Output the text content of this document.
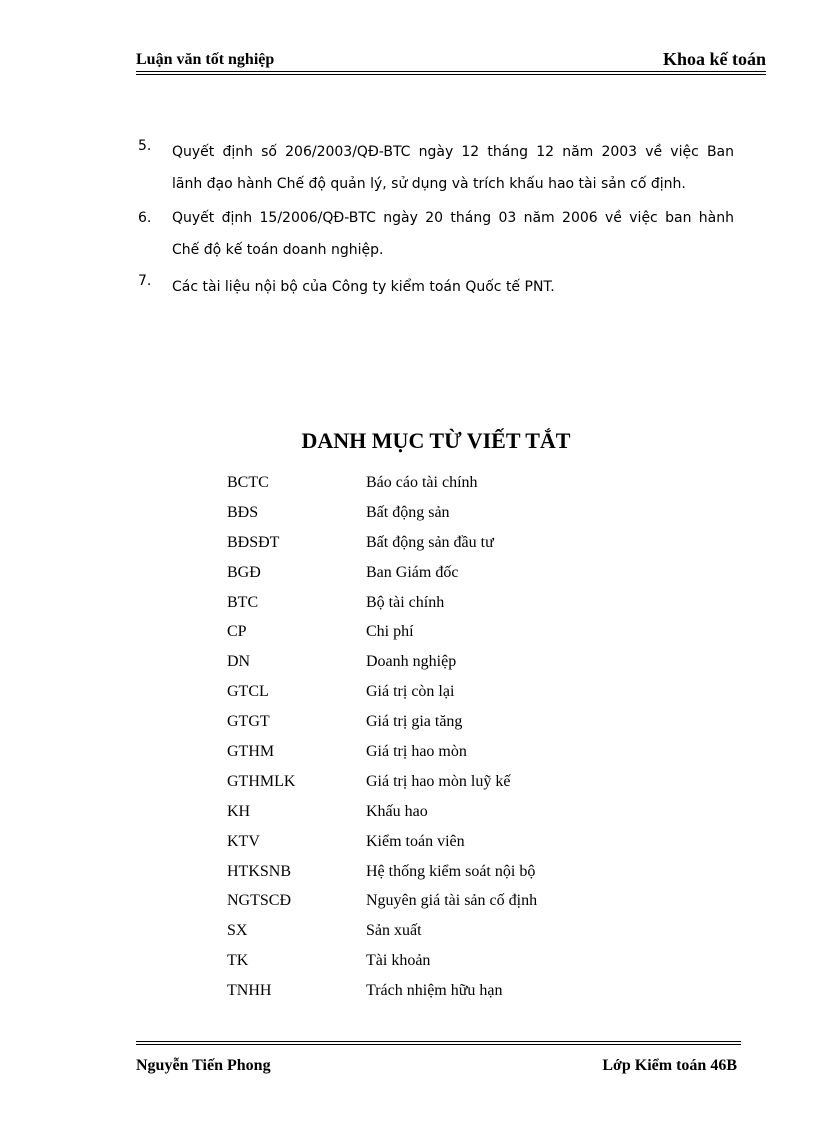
Luận văn tốt nghiệp	Khoa kế toán
5. Quyết định số 206/2003/QĐ-BTC ngày 12 tháng 12 năm 2003 về việc Ban
lãnh đạo hành Chế độ quản lý, sử dụng và trích khấu hao tài sản cố định.
6. Quyết định 15/2006/QĐ-BTC ngày 20 tháng 03 năm 2006 về việc ban hành
Chế độ kế toán doanh nghiệp.
7. Các tài liệu nội bộ của Công ty kiểm toán Quốc tế PNT.
DANH MỤC TỪ VIẾT TẮT
BCTC	Báo cáo tài chính
BĐS	Bất động sản
BĐSĐT	Bất động sản đầu tư
BGĐ	Ban Giám đốc
BTC	Bộ tài chính
CP	Chi phí
DN	Doanh nghiệp
GTCL	Giá trị còn lại
GTGT	Giá trị gia tăng
GTHM	Giá trị hao mòn
GTHMLK	Giá trị hao mòn luỹ kế
KH	Khấu hao
KTV	Kiểm toán viên
HTKSNB	Hệ thống kiểm soát nội bộ
NGTSCĐ	Nguyên giá tài sản cố định
SX	Sản xuất
TK	Tài khoản
TNHH	Trách nhiệm hữu hạn
Nguyễn Tiến Phong	Lớp Kiểm toán 46B
